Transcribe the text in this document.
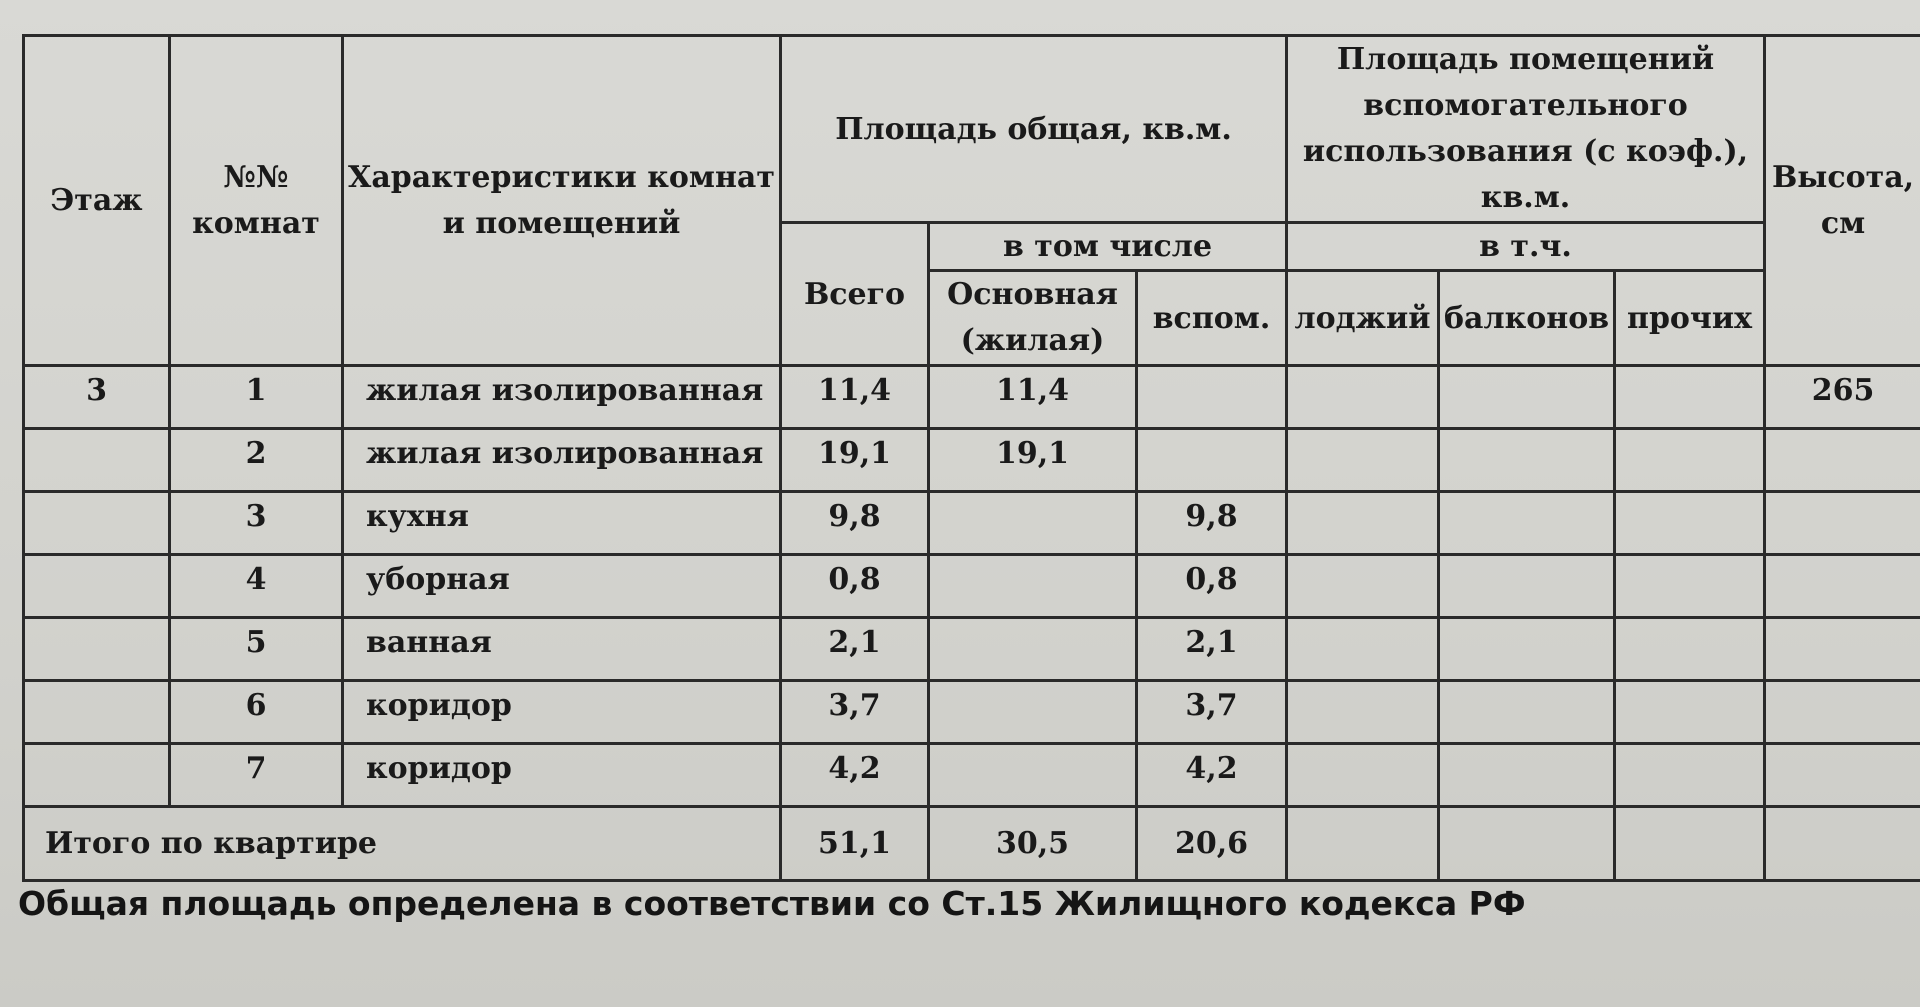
Этаж	№№ комнат	Характеристики комнат и помещений	Площадь общая, кв.м.			Площадь помещений вспомогательного использования (с коэф.), кв.м.			Высота, см
			Всего	в том числе		в т.ч.			
				Основная (жилая)	вспом.	лоджий	балконов	прочих	
3	1	жилая изолированная	11,4	11,4					265
	2	жилая изолированная	19,1	19,1					
	3	кухня	9,8		9,8				
	4	уборная	0,8		0,8				
	5	ванная	2,1		2,1				
	6	коридор	3,7		3,7				
	7	коридор	4,2		4,2				
Итого по квартире			51,1	30,5	20,6				
Общая площадь определена в соответствии со Ст.15 Жилищного кодекса РФ
